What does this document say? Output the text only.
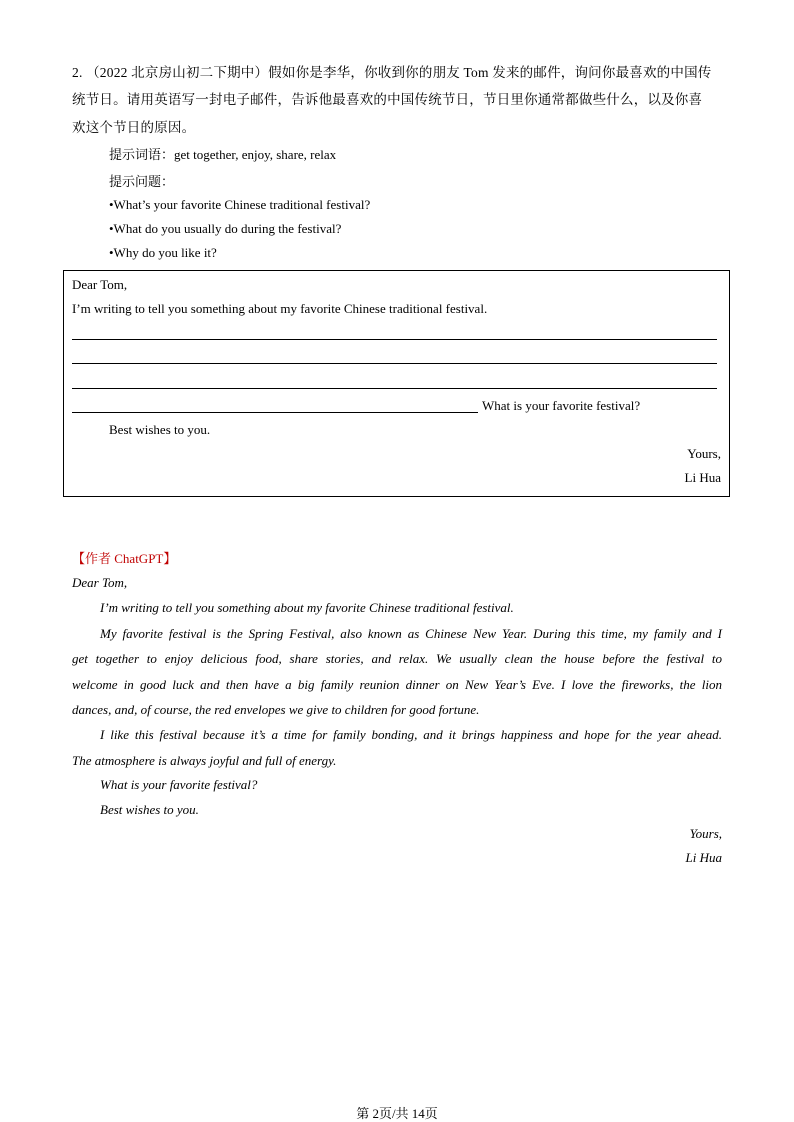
2. （2022 北京房山初二下期中）假如你是李华，你收到你的朋友 Tom 发来的邮件，询问你最喜欢的中国传
统节日。请用英语写一封电子邮件，告诉他最喜欢的中国传统节日，节日里你通常都做些什么，以及你喜
欢这个节日的原因。
提示词语：get together, enjoy, share, relax
提示问题：
•What’s your favorite Chinese traditional festival?
•What do you usually do during the festival?
•Why do you like it?
Dear Tom,
I’m writing to tell you something about my favorite Chinese traditional festival.
What is your favorite festival?
Best wishes to you.
Yours,
Li Hua
【作者 ChatGPT】
Dear Tom,
I’m writing to tell you something about my favorite Chinese traditional festival.
My favorite festival is the Spring Festival, also known as Chinese New Year. During this time, my family and I
get together to enjoy delicious food, share stories, and relax. We usually clean the house before the festival to
welcome in good luck and then have a big family reunion dinner on New Year’s Eve. I love the fireworks, the lion
dances, and, of course, the red envelopes we give to children for good fortune.
I like this festival because it’s a time for family bonding, and it brings happiness and hope for the year ahead.
The atmosphere is always joyful and full of energy.
What is your favorite festival?
Best wishes to you.
Yours,
Li Hua
第 2页/共 14页
